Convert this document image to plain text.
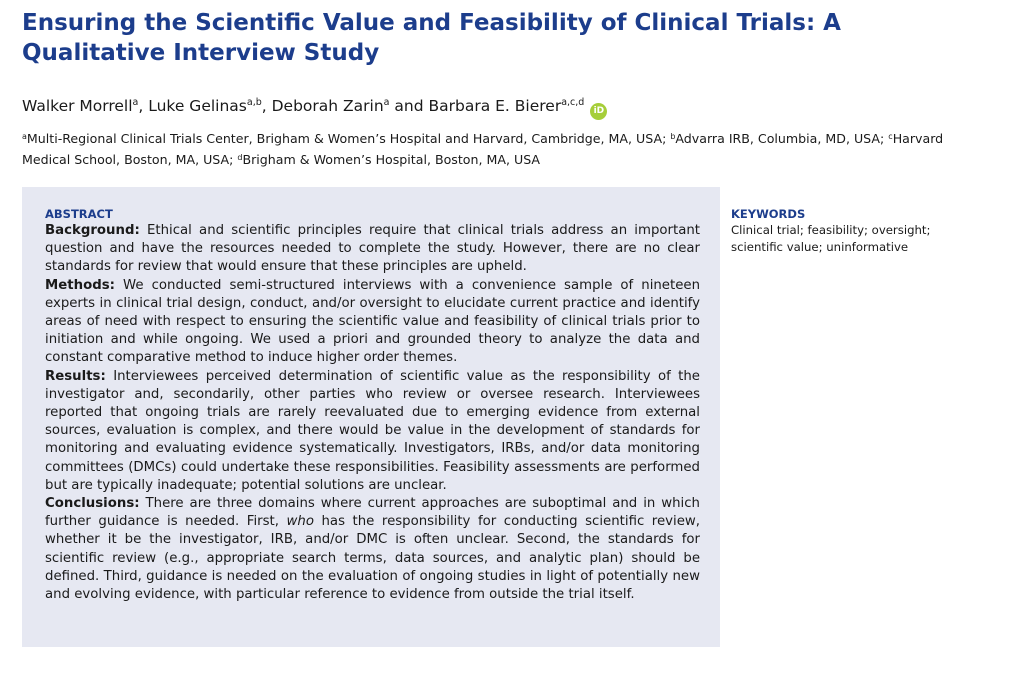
Ensuring the Scientific Value and Feasibility of Clinical Trials: A Qualitative Interview Study
Walker Morrell$^a$, Luke Gelinas$^{a,b}$, Deborah Zarin$^a$ and Barbara E. Bierer$^{a,c,d}$iD
$^a$Multi-Regional Clinical Trials Center, Brigham & Women’s Hospital and Harvard, Cambridge, MA, USA; $^b$Advarra IRB, Columbia, MD, USA; $^c$Harvard Medical School, Boston, MA, USA; $^d$Brigham & Women’s Hospital, Boston, MA, USA
ABSTRACT

Background: Ethical and scientific principles require that clinical trials address an important question and have the resources needed to complete the study. However, there are no clear standards for review that would ensure that these principles are upheld.

Methods: We conducted semi-structured interviews with a convenience sample of nineteen experts in clinical trial design, conduct, and/or oversight to elucidate current practice and identify areas of need with respect to ensuring the scientific value and feasibility of clinical trials prior to initiation and while ongoing. We used a priori and grounded theory to analyze the data and constant comparative method to induce higher order themes.

Results: Interviewees perceived determination of scientific value as the responsibility of the investigator and, secondarily, other parties who review or oversee research. Interviewees reported that ongoing trials are rarely reevaluated due to emerging evidence from external sources, evaluation is complex, and there would be value in the development of standards for monitoring and evaluating evidence systematically. Investigators, IRBs, and/or data monitoring committees (DMCs) could undertake these responsibilities. Feasibility assessments are performed but are typically inadequate; potential solutions are unclear.

Conclusions: There are three domains where current approaches are suboptimal and in which further guidance is needed. First, who has the responsibility for conducting scientific review, whether it be the investigator, IRB, and/or DMC is often unclear. Second, the standards for scientific review (e.g., appropriate search terms, data sources, and analytic plan) should be defined. Third, guidance is needed on the evaluation of ongoing studies in light of potentially new and evolving evidence, with particular reference to evidence from outside the trial itself.

KEYWORDS
Clinical trial; feasibility; oversight; scientific value; uninformative
